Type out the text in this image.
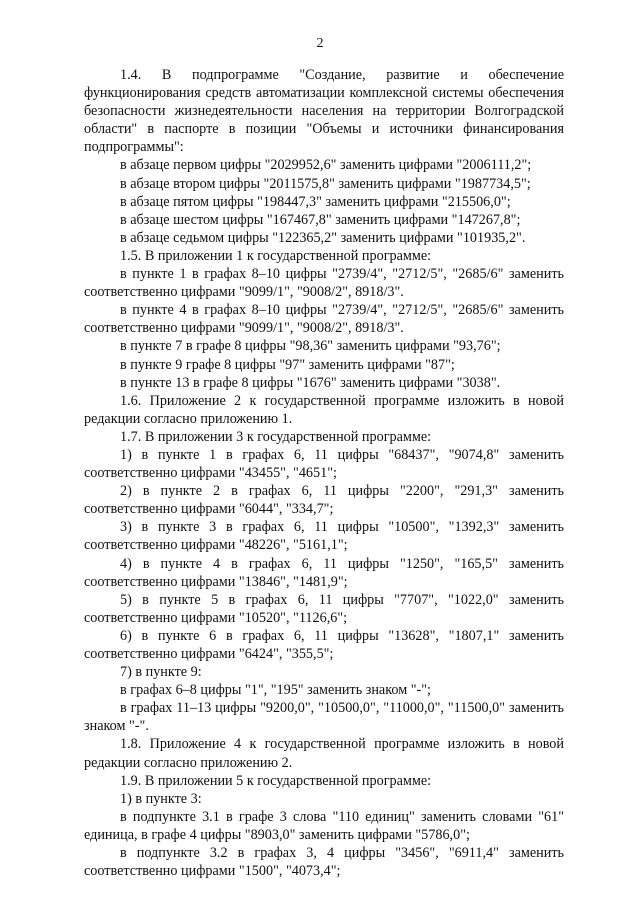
2

1.4. В подпрограмме "Создание, развитие и обеспечение функционирования средств автоматизации комплексной системы обеспечения безопасности жизнедеятельности населения на территории Волгоградской области" в паспорте в позиции "Объемы и источники финансирования подпрограммы":

в абзаце первом цифры "2029952,6" заменить цифрами "2006111,2";

в абзаце втором цифры "2011575,8" заменить цифрами "1987734,5";

в абзаце пятом цифры "198447,3" заменить цифрами "215506,0";

в абзаце шестом цифры "167467,8" заменить цифрами "147267,8";

в абзаце седьмом цифры "122365,2" заменить цифрами "101935,2".

1.5. В приложении 1 к государственной программе:

в пункте 1 в графах 8–10 цифры "2739/4", "2712/5", "2685/6" заменить соответственно цифрами "9099/1", "9008/2", 8918/3".

в пункте 4 в графах 8–10 цифры "2739/4", "2712/5", "2685/6" заменить соответственно цифрами "9099/1", "9008/2", 8918/3".

в пункте 7 в графе 8 цифры "98,36" заменить цифрами "93,76";

в пункте 9 графе 8 цифры "97" заменить цифрами "87";

в пункте 13 в графе 8 цифры "1676" заменить цифрами "3038".

1.6. Приложение 2 к государственной программе изложить в новой редакции согласно приложению 1.

1.7. В приложении 3 к государственной программе:

1) в пункте 1 в графах 6, 11 цифры "68437", "9074,8" заменить соответственно цифрами "43455", "4651";

2) в пункте 2 в графах 6, 11 цифры "2200", "291,3" заменить соответственно цифрами "6044", "334,7";

3) в пункте 3 в графах 6, 11 цифры "10500", "1392,3" заменить соответственно цифрами "48226", "5161,1";

4) в пункте 4 в графах 6, 11 цифры "1250", "165,5" заменить соответственно цифрами "13846", "1481,9";

5) в пункте 5 в графах 6, 11 цифры "7707", "1022,0" заменить соответственно цифрами "10520", "1126,6";

6) в пункте 6 в графах 6, 11 цифры "13628", "1807,1" заменить соответственно цифрами "6424", "355,5";

7) в пункте 9:

в графах 6–8 цифры "1", "195" заменить знаком "-";

в графах 11–13 цифры "9200,0", "10500,0", "11000,0", "11500,0" заменить знаком "-".

1.8. Приложение 4 к государственной программе изложить в новой редакции согласно приложению 2.

1.9. В приложении 5 к государственной программе:

1) в пункте 3:

в подпункте 3.1 в графе 3 слова "110 единиц" заменить словами "61" единица, в графе 4 цифры "8903,0" заменить цифрами "5786,0";

в подпункте 3.2 в графах 3, 4 цифры "3456", "6911,4" заменить соответственно цифрами "1500", "4073,4";
